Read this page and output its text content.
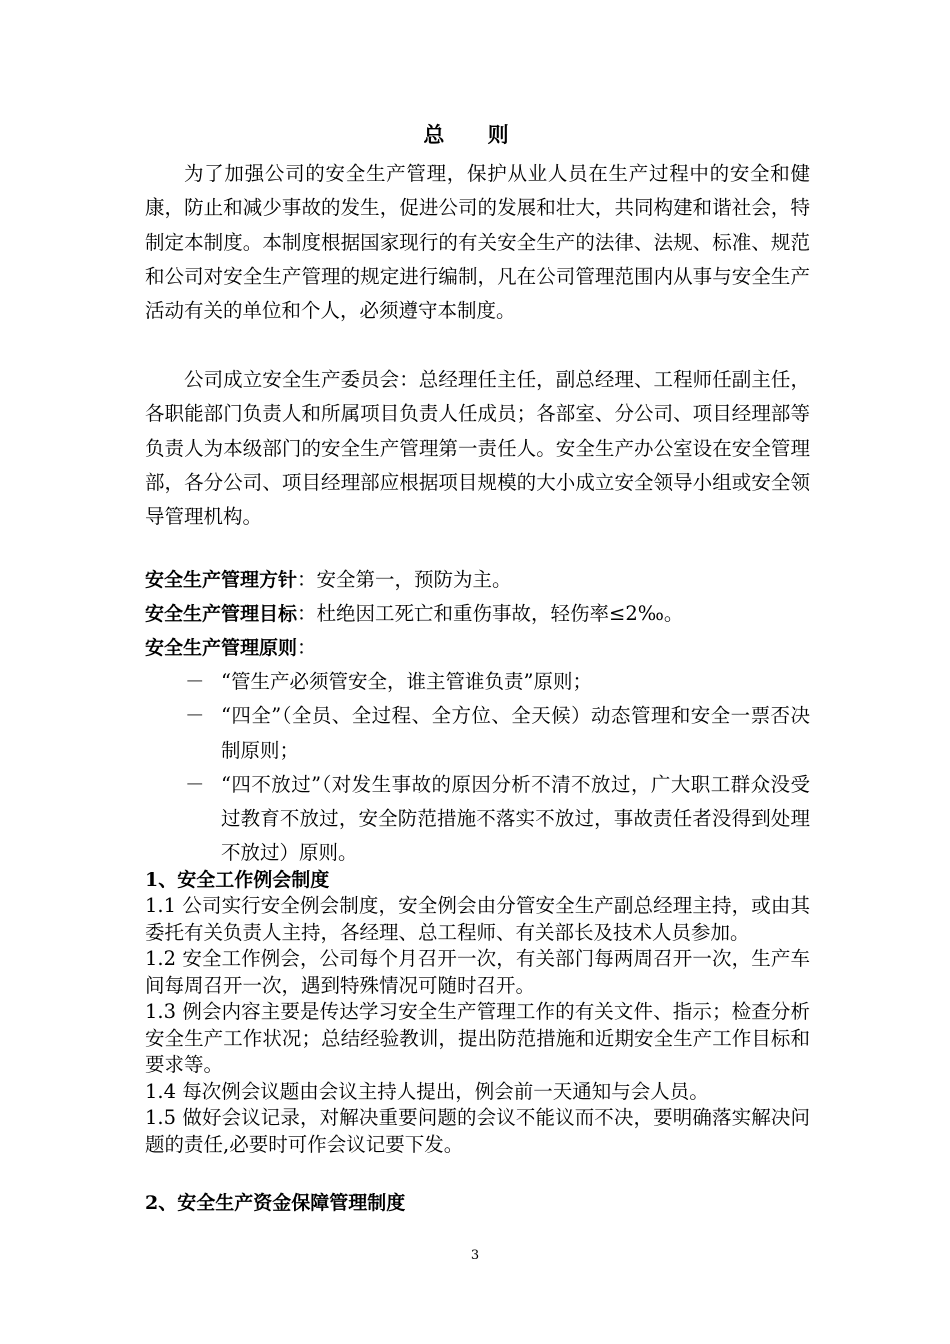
总 则

为了加强公司的安全生产管理，保护从业人员在生产过程中的安全和健康，防止和减少事故的发生，促进公司的发展和壮大，共同构建和谐社会，特制定本制度。本制度根据国家现行的有关安全生产的法律、法规、标准、规范和公司对安全生产管理的规定进行编制，凡在公司管理范围内从事与安全生产活动有关的单位和个人，必须遵守本制度。

公司成立安全生产委员会：总经理任主任，副总经理、工程师任副主任，各职能部门负责人和所属项目负责人任成员；各部室、分公司、项目经理部等负责人为本级部门的安全生产管理第一责任人。安全生产办公室设在安全管理部，各分公司、项目经理部应根据项目规模的大小成立安全领导小组或安全领导管理机构。

安全生产管理方针：安全第一，预防为主。

安全生产管理目标：杜绝因工死亡和重伤事故，轻伤率≤2‰。

安全生产管理原则：

－ “管生产必须管安全，谁主管谁负责”原则；
－ “四全”（全员、全过程、全方位、全天候）动态管理和安全一票否决制原则；
－ “四不放过”（对发生事故的原因分析不清不放过，广大职工群众没受过教育不放过，安全防范措施不落实不放过，事故责任者没得到处理不放过）原则。

1、安全工作例会制度

1.1 公司实行安全例会制度，安全例会由分管安全生产副总经理主持，或由其委托有关负责人主持，各经理、总工程师、有关部长及技术人员参加。

1.2 安全工作例会，公司每个月召开一次，有关部门每两周召开一次，生产车间每周召开一次，遇到特殊情况可随时召开。

1.3 例会内容主要是传达学习安全生产管理工作的有关文件、指示；检查分析安全生产工作状况；总结经验教训，提出防范措施和近期安全生产工作目标和要求等。

1.4 每次例会议题由会议主持人提出，例会前一天通知与会人员。

1.5 做好会议记录，对解决重要问题的会议不能议而不决，要明确落实解决问题的责任,必要时可作会议记要下发。

2、安全生产资金保障管理制度

3
